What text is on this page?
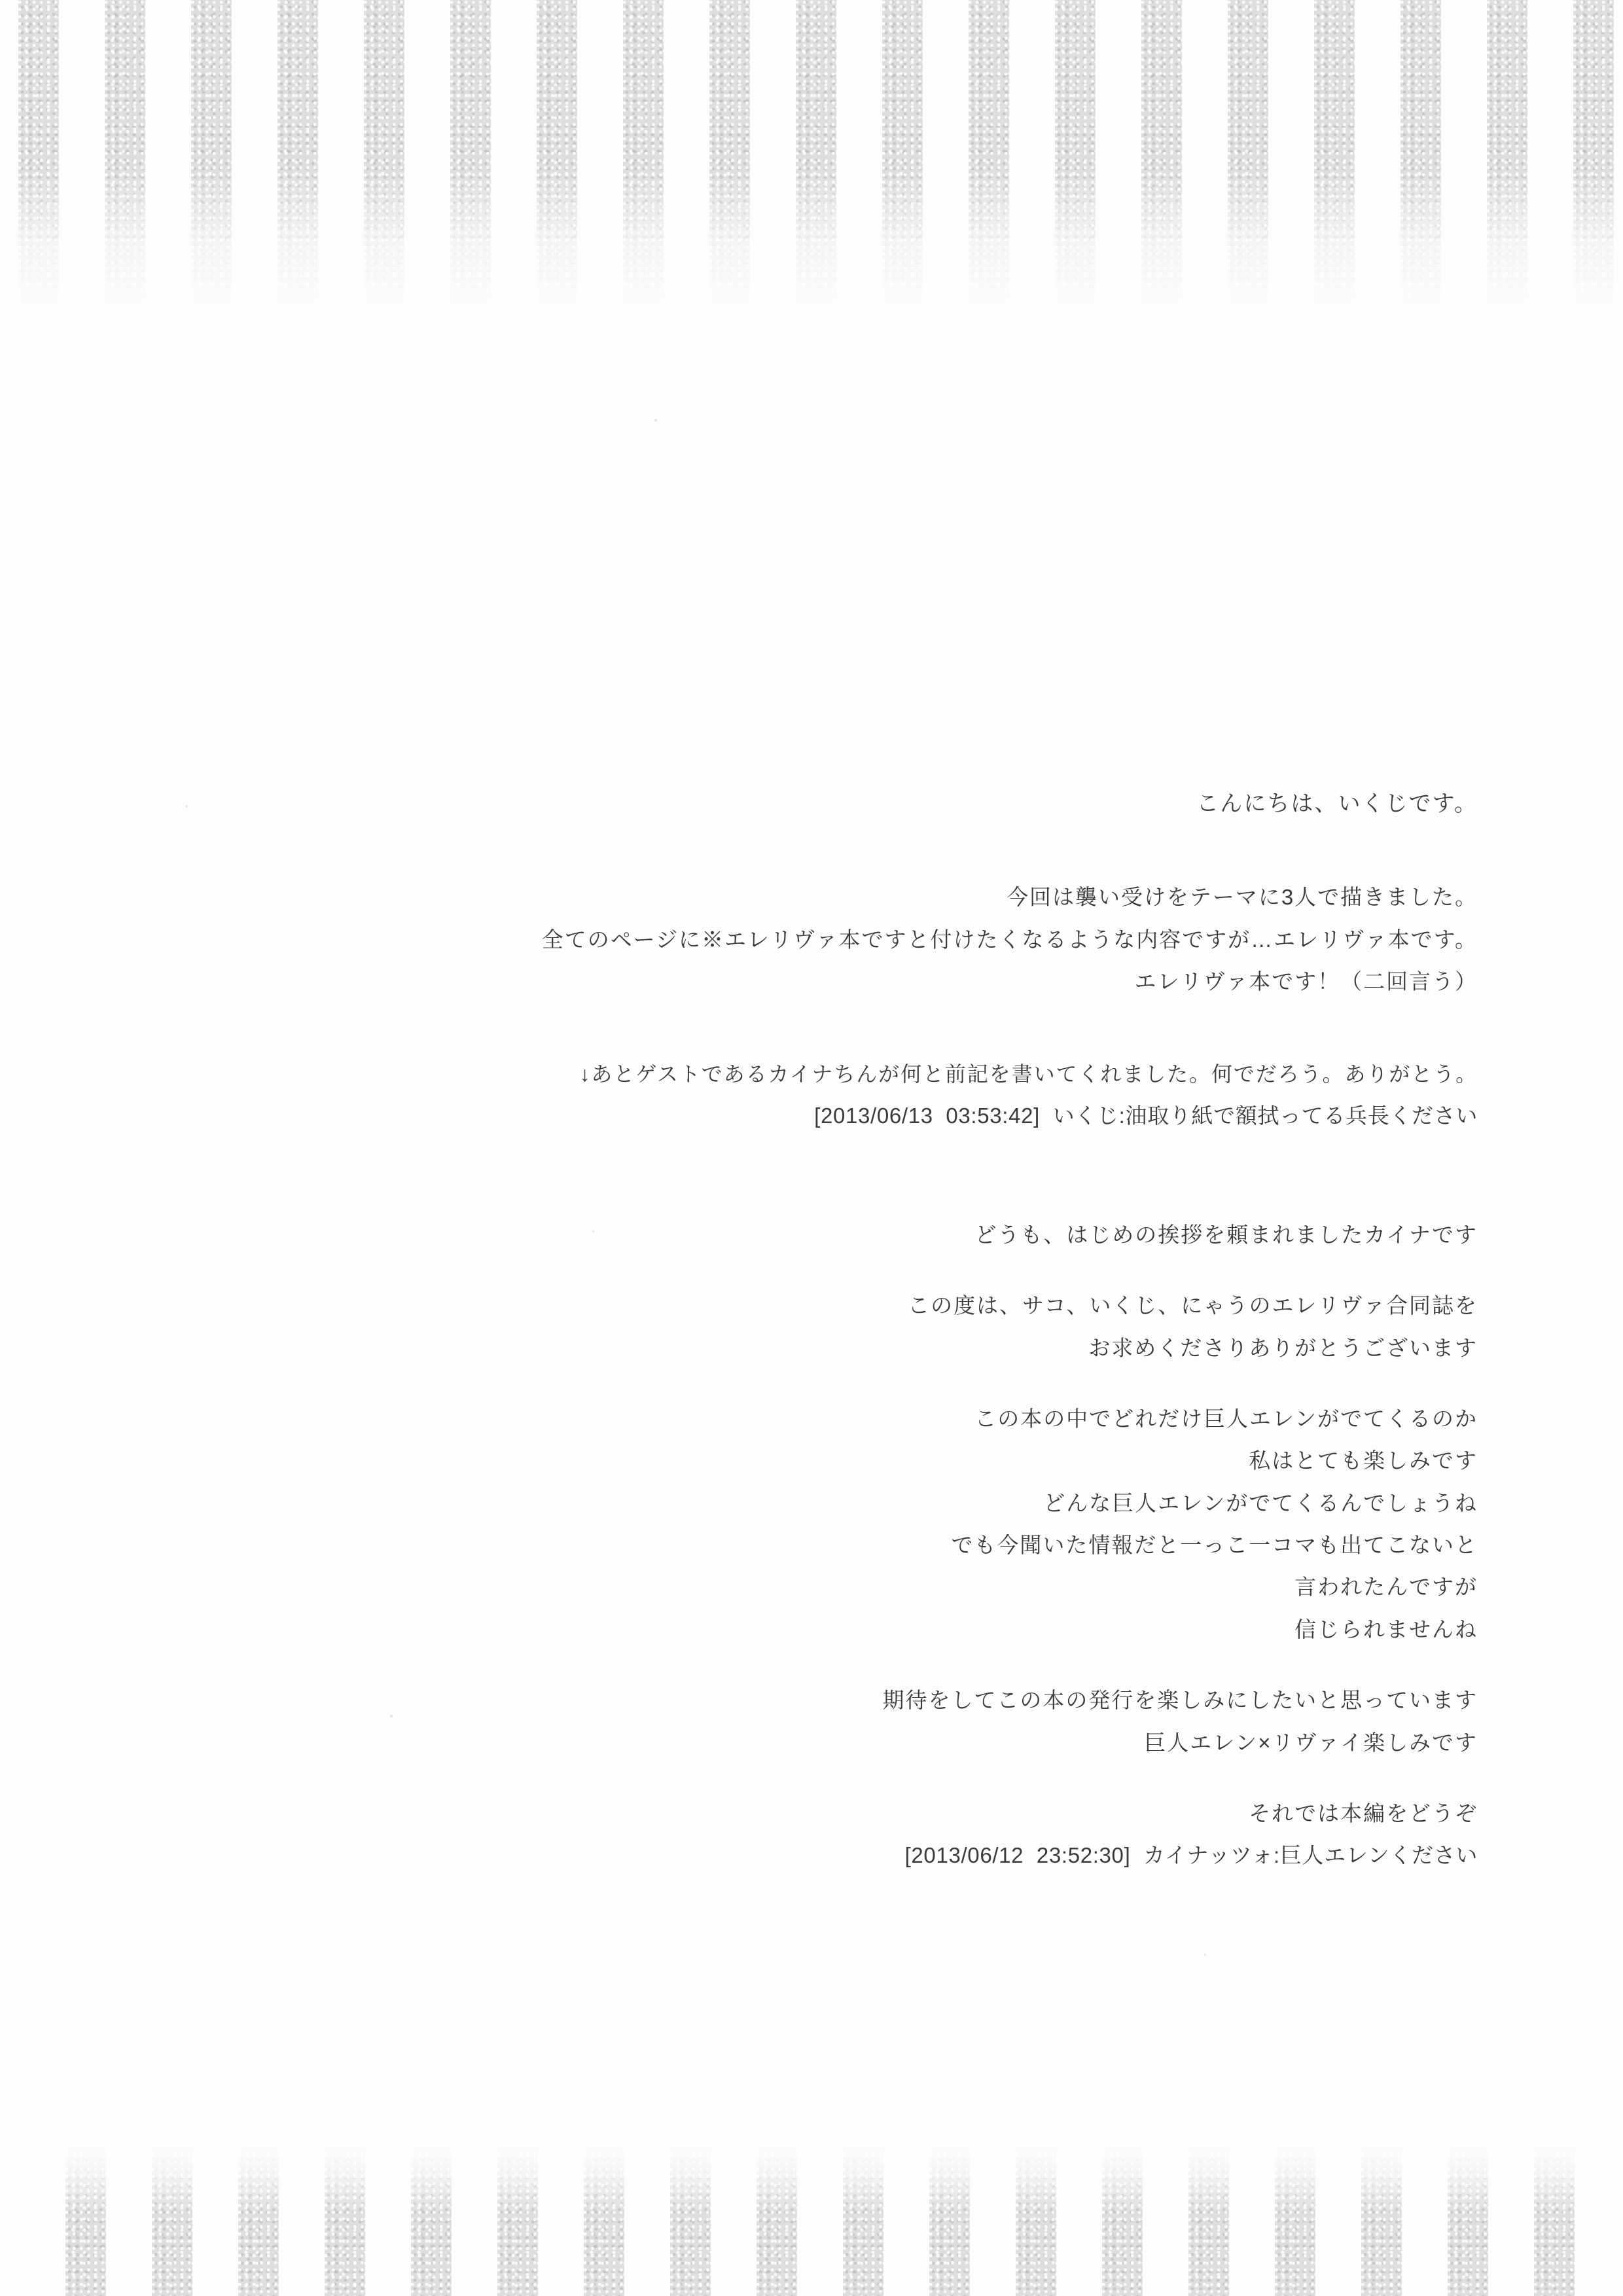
こんにちは、いくじです。

今回は襲い受けをテーマに3人で描きました。
全てのページに※エレリヴァ本ですと付けたくなるような内容ですが…エレリヴァ本です。
エレリヴァ本です！（二回言う）

↓あとゲストであるカイナちんが何と前記を書いてくれました。何でだろう。ありがとう。
[2013/06/13  03:53:42]  いくじ:油取り紙で額拭ってる兵長ください

どうも、はじめの挨拶を頼まれましたカイナです

この度は、サコ、いくじ、にゃうのエレリヴァ合同誌を
お求めくださりありがとうございます

この本の中でどれだけ巨人エレンがでてくるのか
私はとても楽しみです
どんな巨人エレンがでてくるんでしょうね
でも今聞いた情報だと一っこ一コマも出てこないと
言われたんですが
信じられませんね

期待をしてこの本の発行を楽しみにしたいと思っています
巨人エレン×リヴァイ楽しみです

それでは本編をどうぞ
[2013/06/12  23:52:30]  カイナッツォ:巨人エレンください
